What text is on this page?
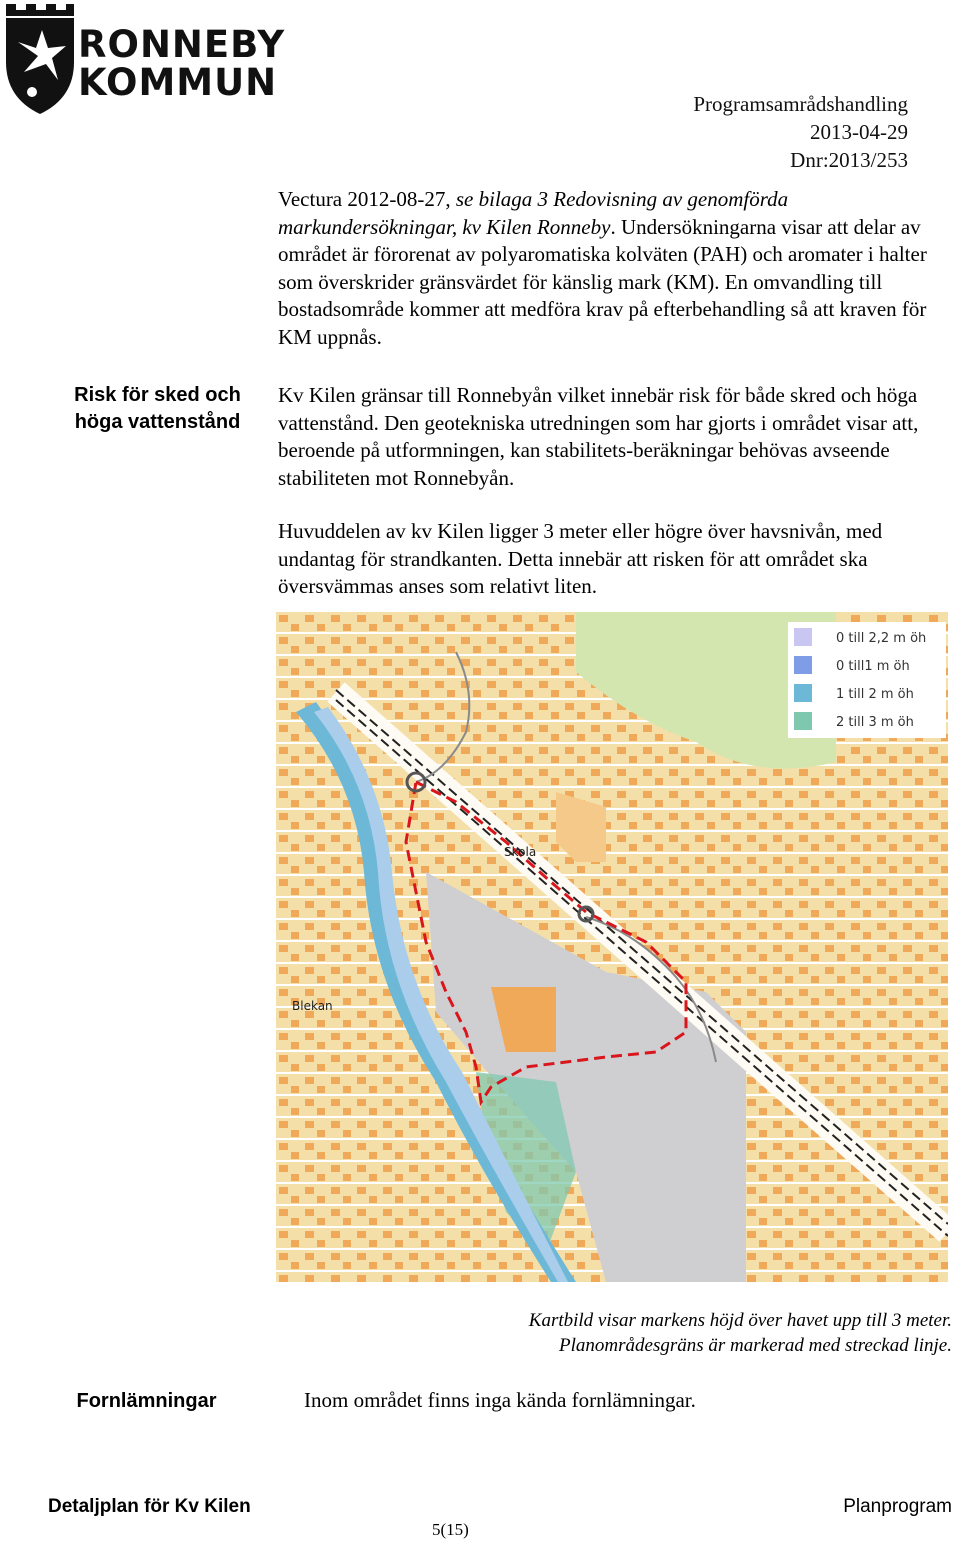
RONNEBY
KOMMUN	Programsamrådshandling
2013-04-29
Dnr:2013/253
Vectura 2012-08-27, se bilaga 3 Redovisning av genomförda markundersökningar, kv Kilen Ronneby. Undersökningarna visar att delar av området är förorenat av polyaromatiska kolväten (PAH) och aromater i halter som överskrider gränsvärdet för känslig mark (KM). En omvandling till bostadsområde kommer att medföra krav på efterbehandling så att kraven för KM uppnås.
Risk för sked och höga vattenstånd
Kv Kilen gränsar till Ronnebyån vilket innebär risk för både skred och höga vattenstånd. Den geotekniska utredningen som har gjorts i området visar att, beroende på utformningen, kan stabilitets-beräkningar behövas avseende stabiliteten mot Ronnebyån.
Huvuddelen av kv Kilen ligger 3 meter eller högre över havsnivån, med undantag för strandkanten. Detta innebär att risken för att området ska översvämmas anses som relativt liten.
Skola
Blekan
0 till 2,2 m öh
0 till1 m öh
1 till 2 m öh
2 till 3 m öh
Kartbild visar markens höjd över havet upp till 3 meter.
Planområdesgräns är markerad med streckad linje.
Fornlämningar	Inom området finns inga kända fornlämningar.
Detaljplan för Kv Kilen	Planprogram
5(15)
